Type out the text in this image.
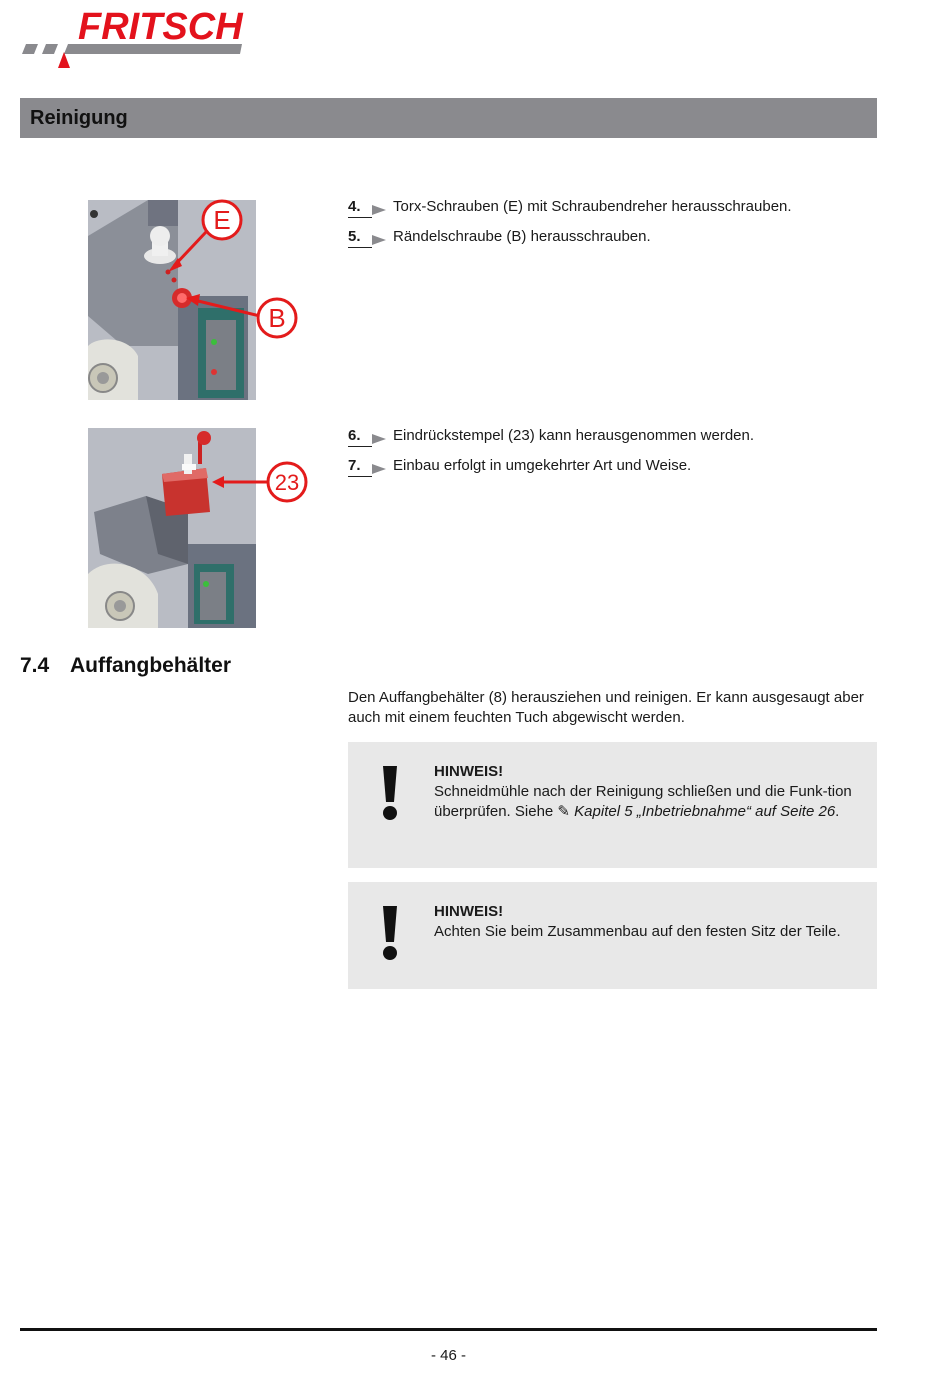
FRITSCH
Reinigung
E
B
4.	Torx-Schrauben (E) mit Schraubendreher herausschrauben.
5.	Rändelschraube (B) herausschrauben.
23
6.	Eindrückstempel (23) kann herausgenommen werden.
7.	Einbau erfolgt in umgekehrter Art und Weise.
7.4 Auffangbehälter
Den Auffangbehälter (8) herausziehen und reinigen. Er kann ausgesaugt aber auch mit einem feuchten Tuch abgewischt werden.
HINWEIS!
Schneidmühle nach der Reinigung schließen und die Funk-tion überprüfen. Siehe ✎ Kapitel 5 „Inbetriebnahme“ auf Seite 26.
HINWEIS!
Achten Sie beim Zusammenbau auf den festen Sitz der Teile.
- 46 -
